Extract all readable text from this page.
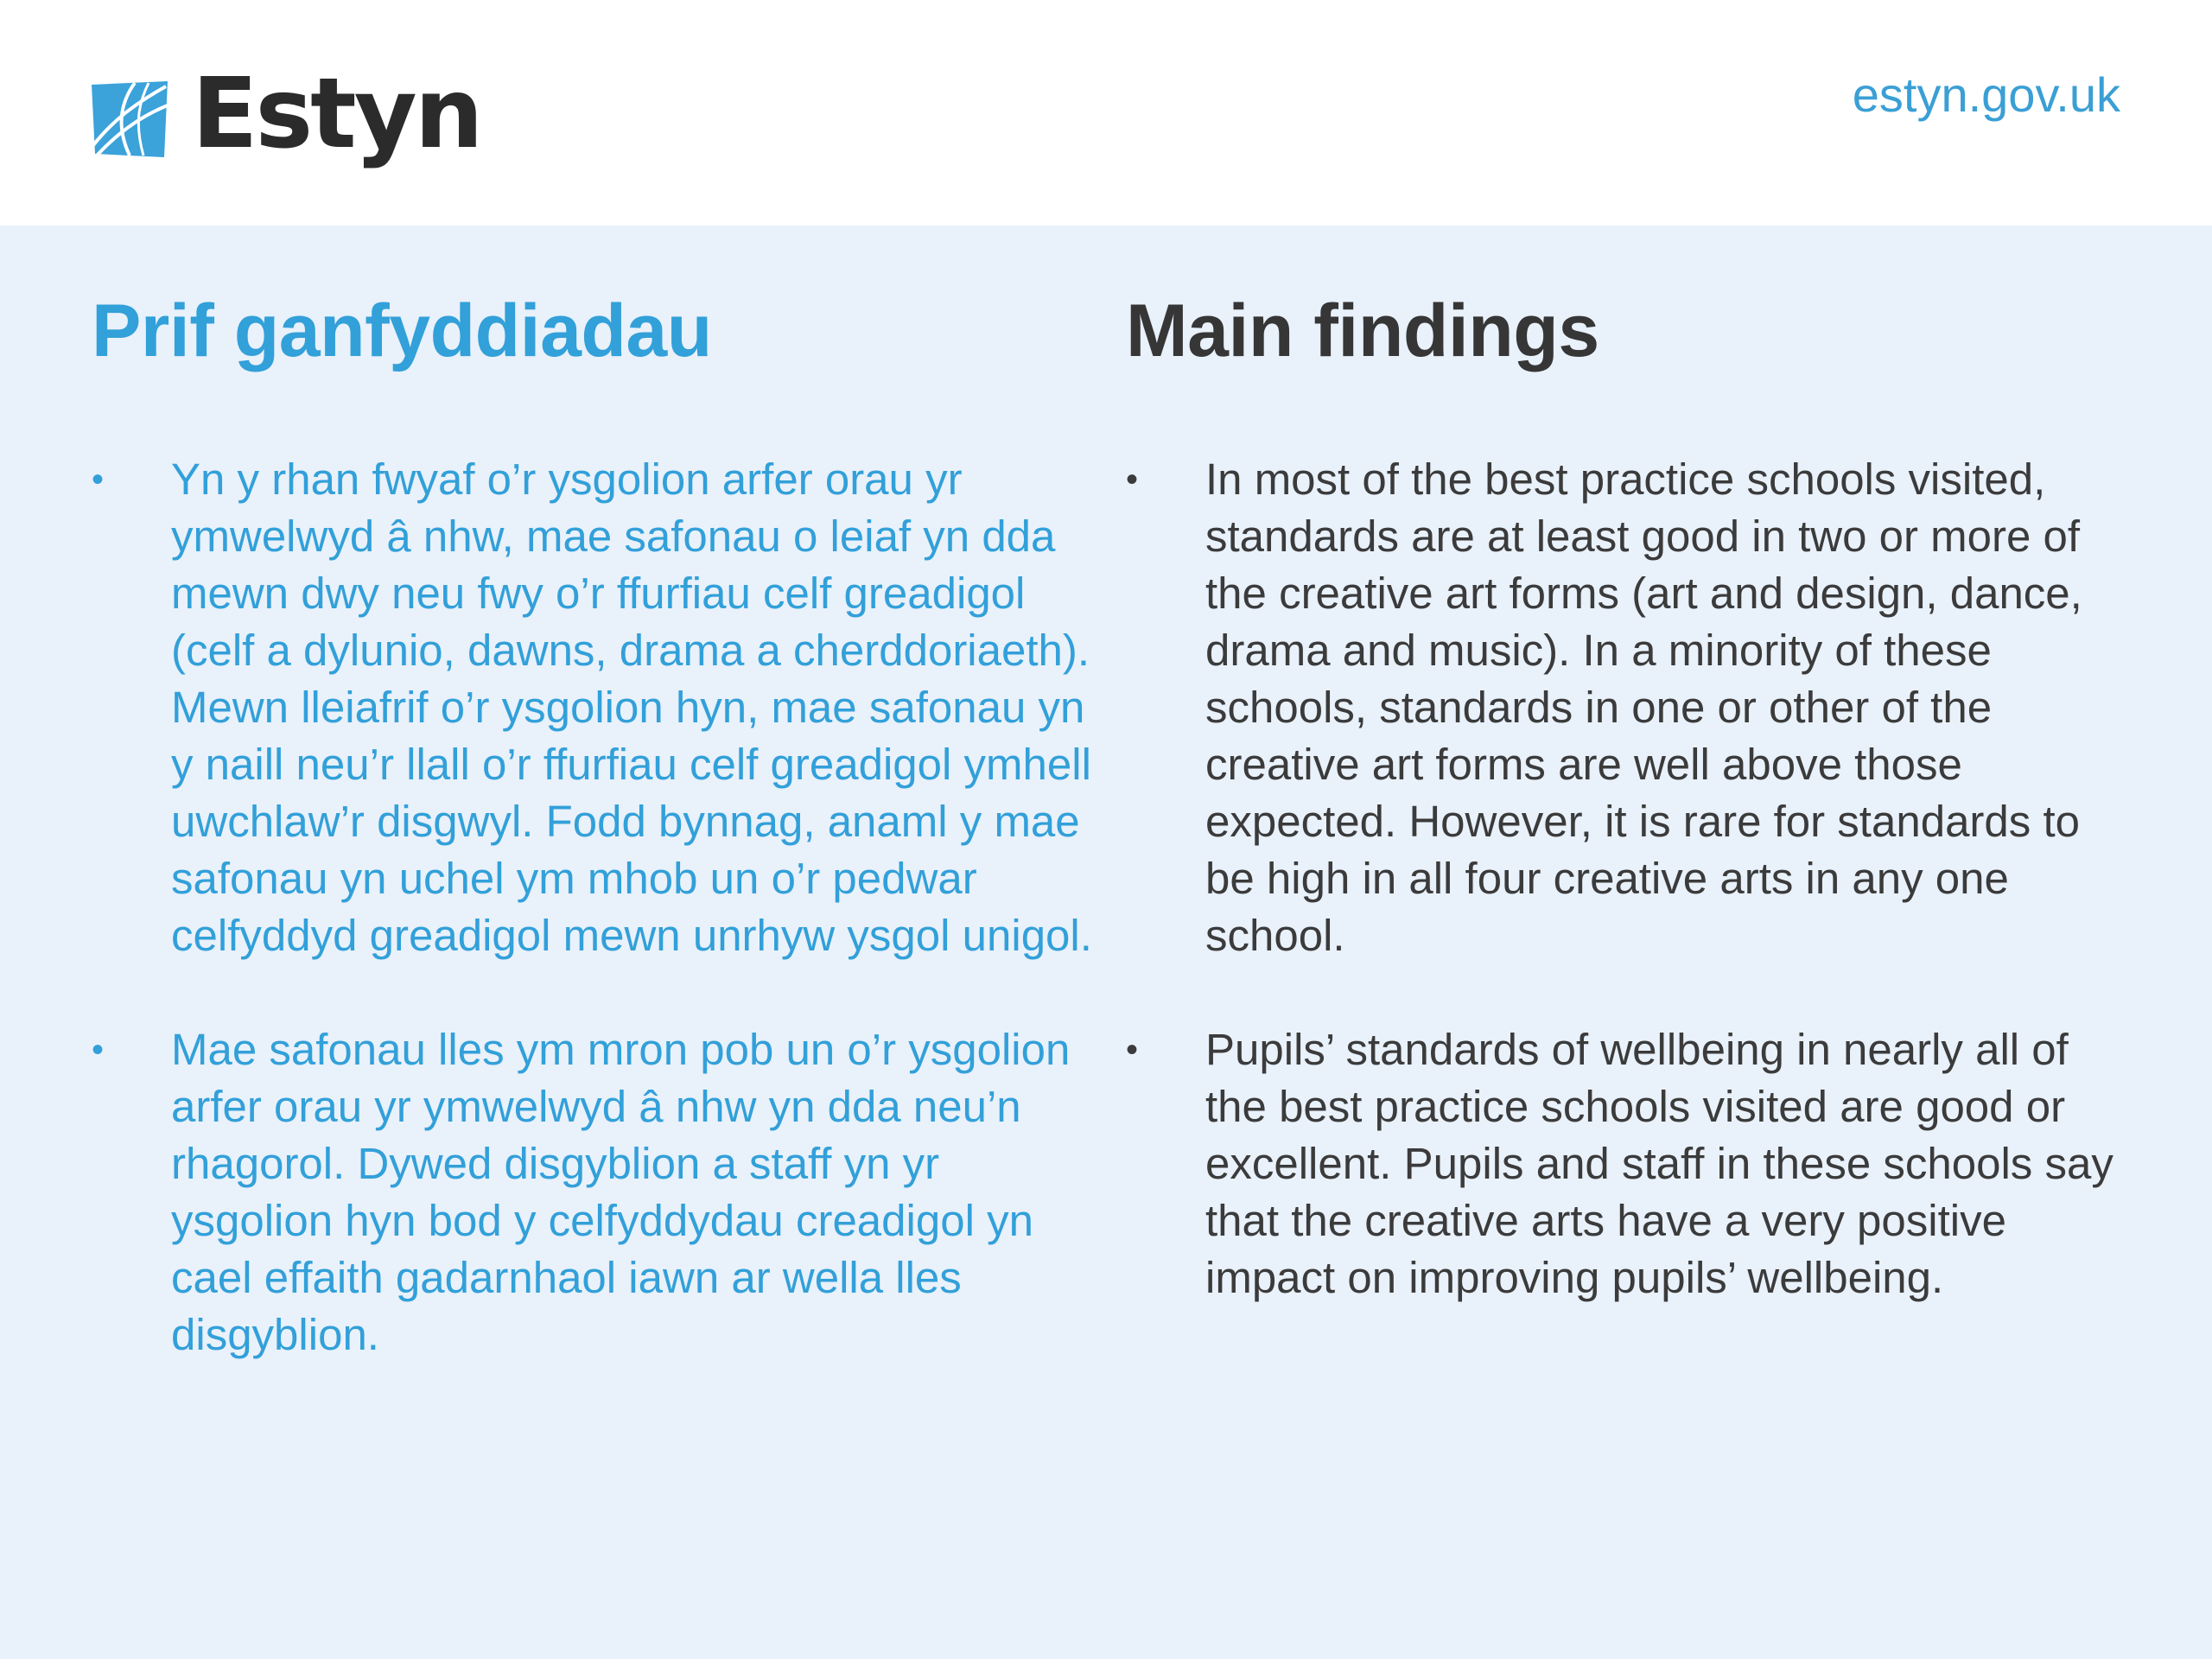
Estyn	estyn.gov.uk
Prif ganfyddiadau
•	Yn y rhan fwyaf o’r ysgolion arfer orau yr ymwelwyd â nhw, mae safonau o leiaf yn dda mewn dwy neu fwy o’r ffurfiau celf greadigol (celf a dylunio, dawns, drama a cherddoriaeth). Mewn lleiafrif o’r ysgolion hyn, mae safonau yn y naill neu’r llall o’r ffurfiau celf greadigol ymhell uwchlaw’r disgwyl. Fodd bynnag, anaml y mae safonau yn uchel ym mhob un o’r pedwar celfyddyd greadigol mewn unrhyw ysgol unigol.
•	Mae safonau lles ym mron pob un o’r ysgolion arfer orau yr ymwelwyd â nhw yn dda neu’n rhagorol. Dywed disgyblion a staff yn yr ysgolion hyn bod y celfyddydau creadigol yn cael effaith gadarnhaol iawn ar wella lles disgyblion.
Main findings
•	In most of the best practice schools visited, standards are at least good in two or more of the creative art forms (art and design, dance, drama and music). In a minority of these schools, standards in one or other of the creative art forms are well above those expected. However, it is rare for standards to be high in all four creative arts in any one school.
•	Pupils’ standards of wellbeing in nearly all of the best practice schools visited are good or excellent. Pupils and staff in these schools say that the creative arts have a very positive impact on improving pupils’ wellbeing.
